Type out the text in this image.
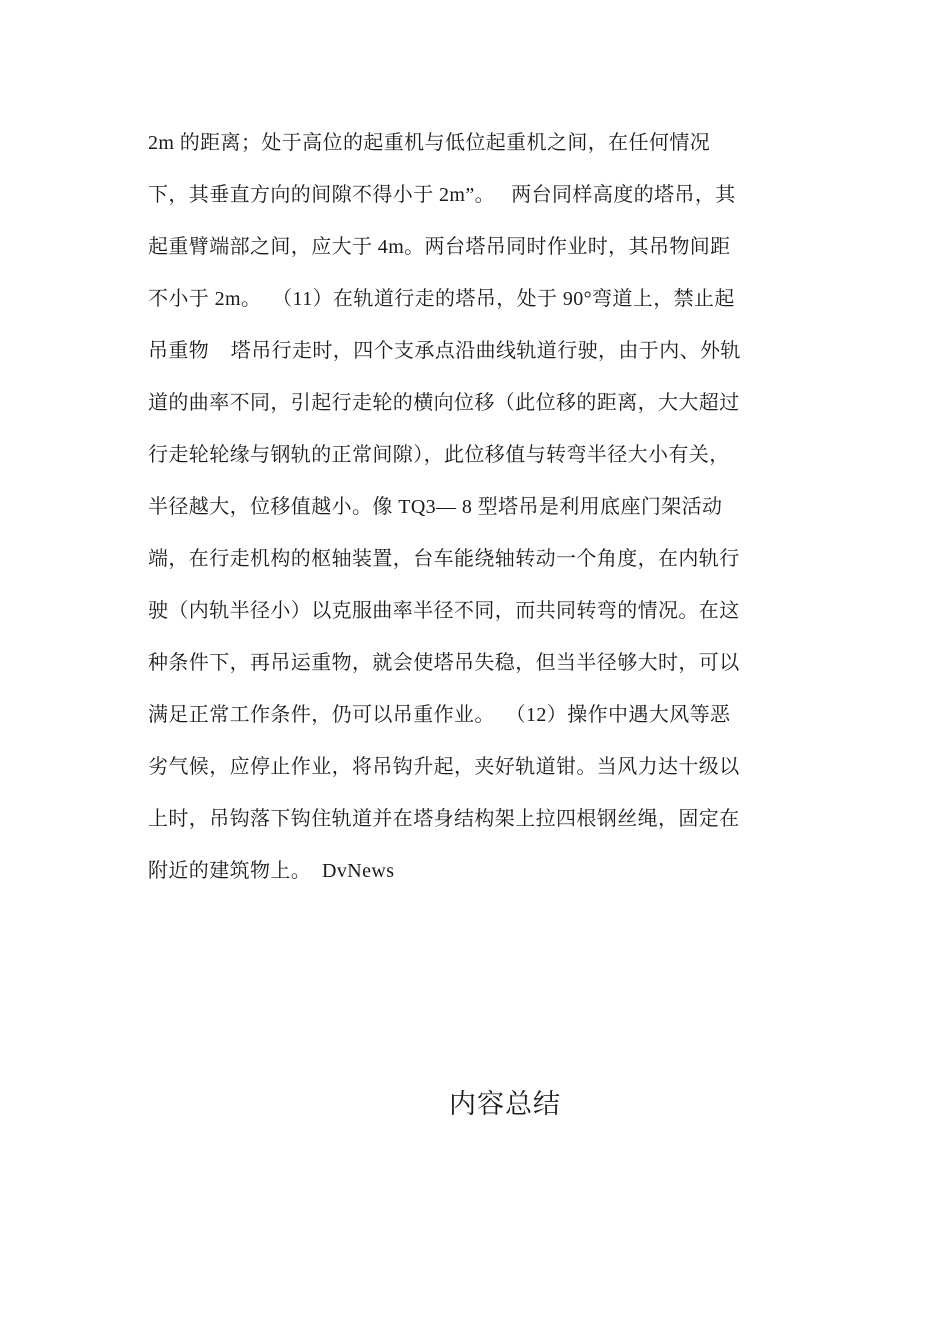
2m 的距离；处于高位的起重机与低位起重机之间，在任何情况
下，其垂直方向的间隙不得小于 2m”。   两台同样高度的塔吊，其
起重臂端部之间，应大于 4m。两台塔吊同时作业时，其吊物间距
不小于 2m。  （11）在轨道行走的塔吊，处于 90°弯道上，禁止起
吊重物    塔吊行走时，四个支承点沿曲线轨道行驶，由于内、外轨
道的曲率不同，引起行走轮的横向位移（此位移的距离，大大超过
行走轮轮缘与钢轨的正常间隙），此位移值与转弯半径大小有关，
半径越大，位移值越小。像 TQ3— 8 型塔吊是利用底座门架活动
端，在行走机构的枢轴装置，台车能绕轴转动一个角度，在内轨行
驶（内轨半径小）以克服曲率半径不同，而共同转弯的情况。在这
种条件下，再吊运重物，就会使塔吊失稳，但当半径够大时，可以
满足正常工作条件，仍可以吊重作业。  （12）操作中遇大风等恶
劣气候，应停止作业，将吊钩升起，夹好轨道钳。当风力达十级以
上时，吊钩落下钩住轨道并在塔身结构架上拉四根钢丝绳，固定在
附近的建筑物上。  DvNews
内容总结
